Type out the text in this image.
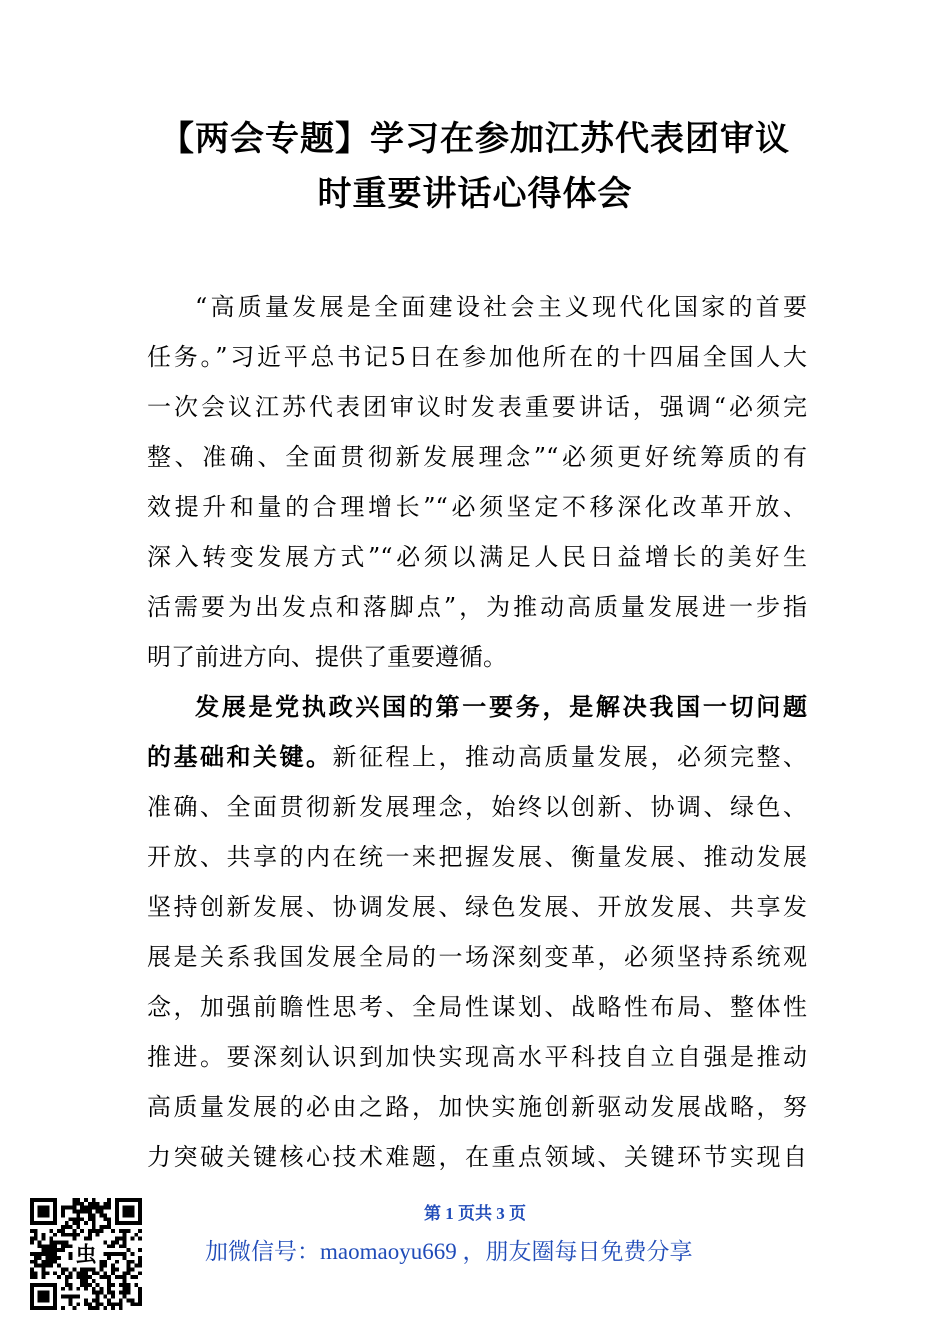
【两会专题】学习在参加江苏代表团审议
时重要讲话心得体会
“高质量发展是全面建设社会主义现代化国家的首要
任务。”习近平总书记5日在参加他所在的十四届全国人大
一次会议江苏代表团审议时发表重要讲话，强调“必须完
整、准确、全面贯彻新发展理念”“必须更好统筹质的有
效提升和量的合理增长”“必须坚定不移深化改革开放、
深入转变发展方式”“必须以满足人民日益增长的美好生
活需要为出发点和落脚点”，为推动高质量发展进一步指
明了前进方向、提供了重要遵循。
发展是党执政兴国的第一要务，是解决我国一切问题
的基础和关键。新征程上，推动高质量发展，必须完整、
准确、全面贯彻新发展理念，始终以创新、协调、绿色、
开放、共享的内在统一来把握发展、衡量发展、推动发展
坚持创新发展、协调发展、绿色发展、开放发展、共享发
展是关系我国发展全局的一场深刻变革，必须坚持系统观
念，加强前瞻性思考、全局性谋划、战略性布局、整体性
推进。要深刻认识到加快实现高水平科技自立自强是推动
高质量发展的必由之路，加快实施创新驱动发展战略，努
力突破关键核心技术难题，在重点领域、关键环节实现自
虫
第 1 页共 3 页
加微信号：maomaoyu669 ，朋友圈每日免费分享
